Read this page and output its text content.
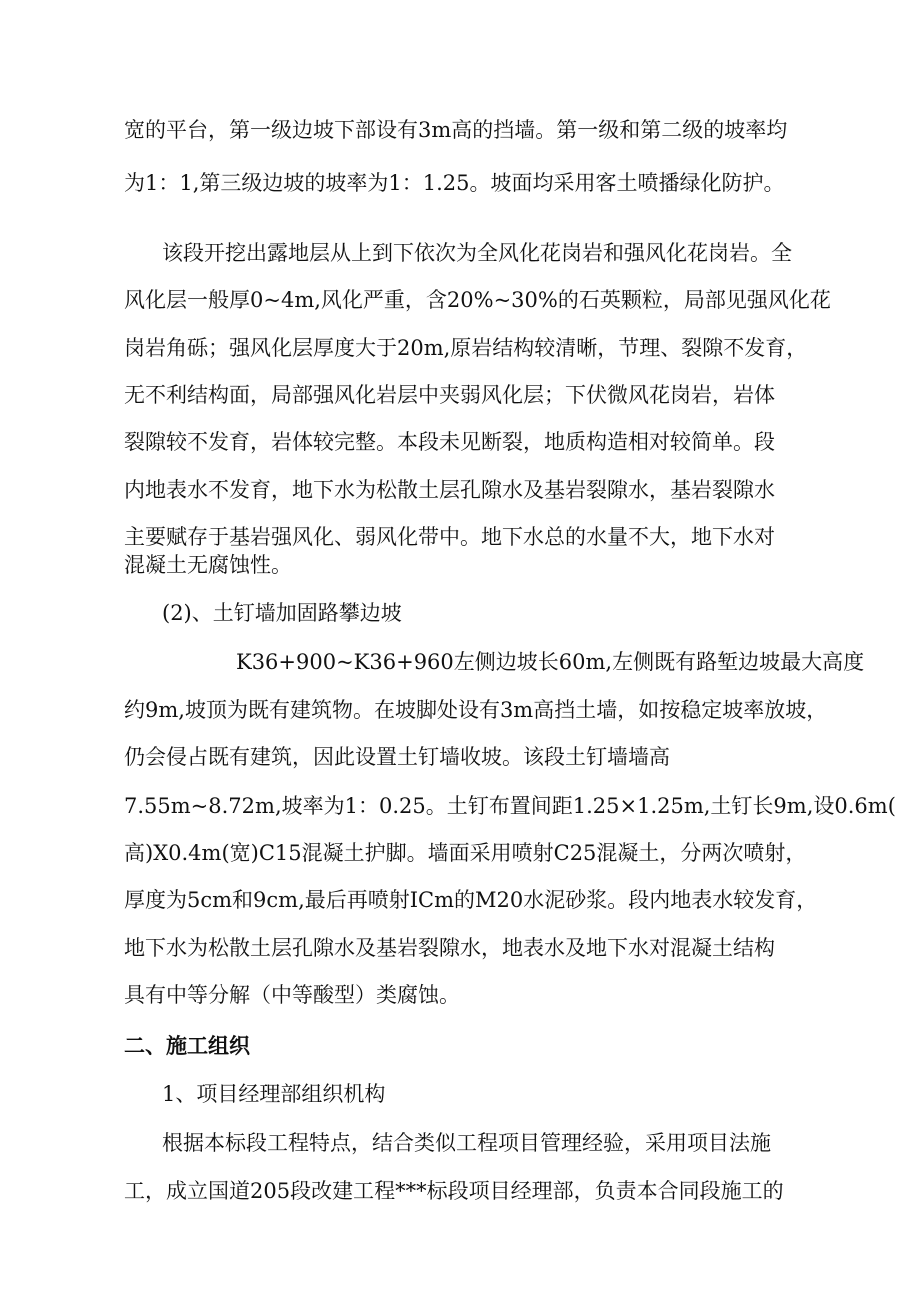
宽的平台，第一级边坡下部设有3m高的挡墙。第一级和第二级的坡率均
为1：1,第三级边坡的坡率为1：1.25。坡面均采用客土喷播绿化防护。
该段开挖出露地层从上到下依次为全风化花岗岩和强风化花岗岩。全
风化层一般厚0~4m,风化严重，含20%~30%的石英颗粒，局部见强风化花
岗岩角砾；强风化层厚度大于20m,原岩结构较清晰，节理、裂隙不发育，
无不利结构面，局部强风化岩层中夹弱风化层；下伏微风花岗岩，岩体
裂隙较不发育，岩体较完整。本段未见断裂，地质构造相对较简单。段
内地表水不发育，地下水为松散土层孔隙水及基岩裂隙水，基岩裂隙水
主要赋存于基岩强风化、弱风化带中。地下水总的水量不大，地下水对
混凝土无腐蚀性。
(2)、土钉墙加固路攀边坡
K36+900~K36+960左侧边坡长60m,左侧既有路堑边坡最大高度
约9m,坡顶为既有建筑物。在坡脚处设有3m高挡土墙，如按稳定坡率放坡，
仍会侵占既有建筑，因此设置土钉墙收坡。该段土钉墙墙高
7.55m~8.72m,坡率为1：0.25。土钉布置间距1.25×1.25m,土钉长9m,设0.6m(
高)X0.4m(宽)C15混凝土护脚。墙面采用喷射C25混凝土，分两次喷射，
厚度为5cm和9cm,最后再喷射ICm的M20水泥砂浆。段内地表水较发育，
地下水为松散土层孔隙水及基岩裂隙水，地表水及地下水对混凝土结构
具有中等分解（中等酸型）类腐蚀。
二、施工组织
1、项目经理部组织机构
根据本标段工程特点，结合类似工程项目管理经验，采用项目法施
工，成立国道205段改建工程***标段项目经理部，负责本合同段施工的
